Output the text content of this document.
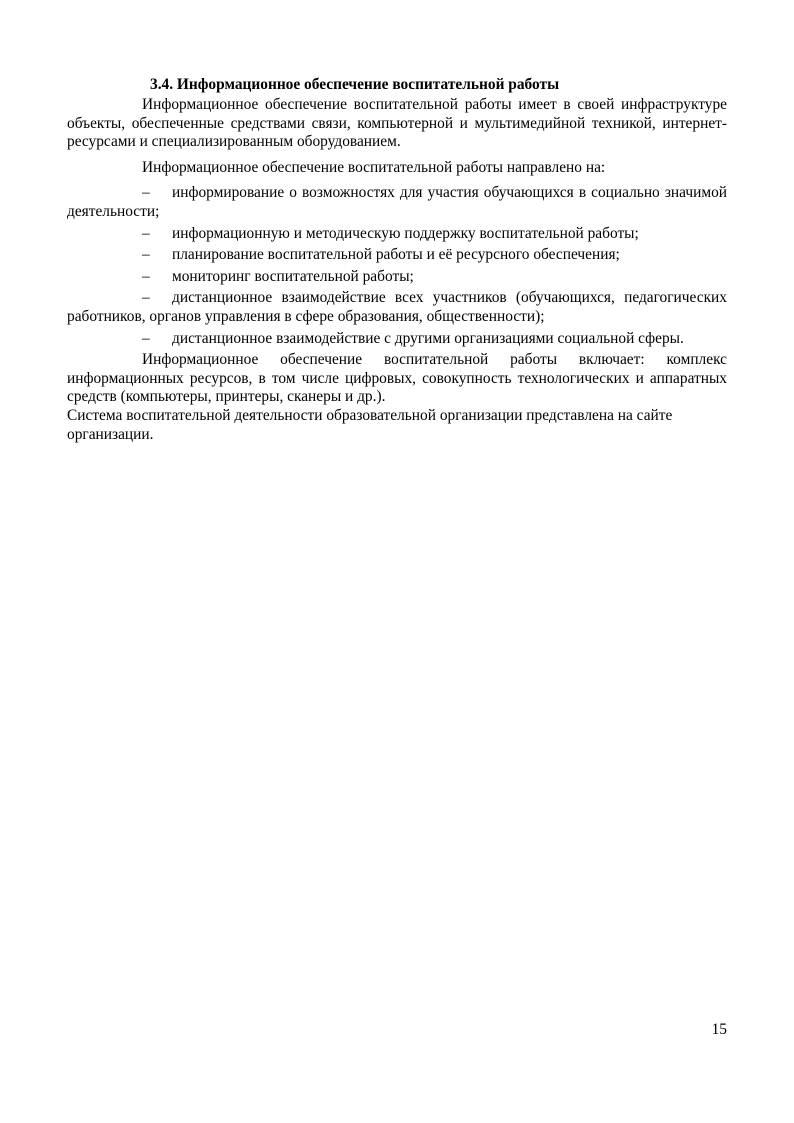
3.4. Информационное обеспечение воспитательной работы

Информационное обеспечение воспитательной работы имеет в своей инфраструктуре объекты, обеспеченные средствами связи, компьютерной и мультимедийной техникой, интернет-ресурсами и специализированным оборудованием.

Информационное обеспечение воспитательной работы направлено на:

– информирование о возможностях для участия обучающихся в социально значимой деятельности;
– информационную и методическую поддержку воспитательной работы;
– планирование воспитательной работы и её ресурсного обеспечения;
– мониторинг воспитательной работы;
– дистанционное взаимодействие всех участников (обучающихся, педагогических работников, органов управления в сфере образования, общественности);
– дистанционное взаимодействие с другими организациями социальной сферы.

Информационное обеспечение воспитательной работы включает: комплекс информационных ресурсов, в том числе цифровых, совокупность технологических и аппаратных средств (компьютеры, принтеры, сканеры и др.).

Система воспитательной деятельности образовательной организации представлена на сайте организации.

15
